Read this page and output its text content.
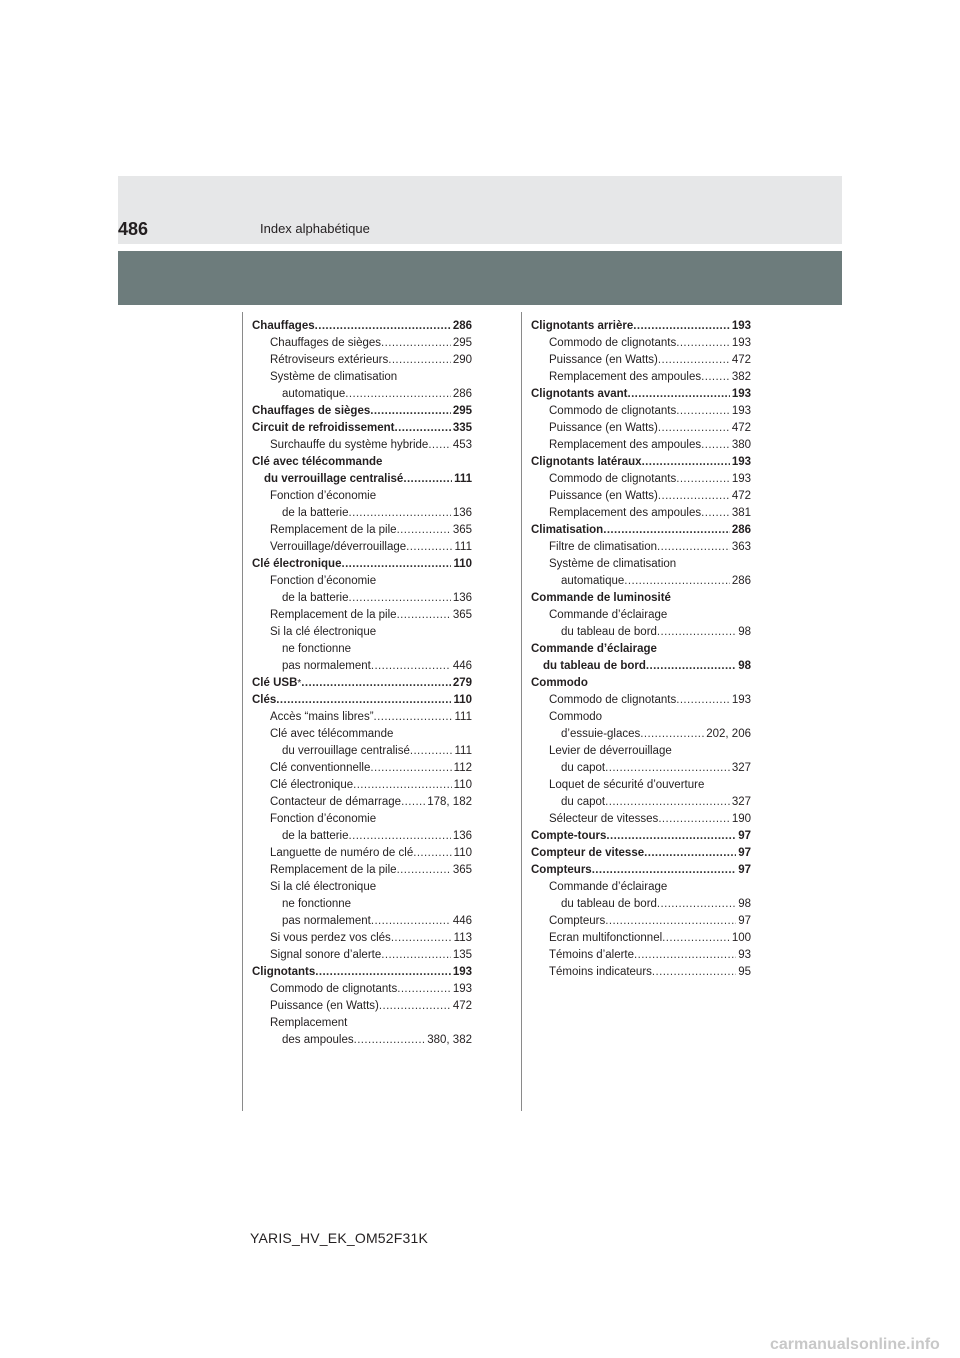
486	Index alphabétique
Chauffages .....	286
Chauffages de sièges .....	295
Rétroviseurs extérieurs .....	290
Système de climatisation
automatique .....	286
Chauffages de sièges .....	295
Circuit de refroidissement .....	335
Surchauffe du système hybride ..... 453
Clé avec télécommande
du verrouillage centralisé .....	111
Fonction d’économie
de la batterie .....	136
Remplacement de la pile .....	365
Verrouillage/déverrouillage .....	111
Clé électronique .....	110
Fonction d’économie
de la batterie .....	136
Remplacement de la pile .....	365
Si la clé électronique
ne fonctionne
pas normalement .....	446
Clé USB * .....	279
Clés .....	110
Accès “mains libres” .....	111
Clé avec télécommande
du verrouillage centralisé .....	111
Clé conventionnelle .....	112
Clé électronique .....	110
Contacteur de démarrage ..... 178, 182
Fonction d’économie
de la batterie .....	136
Languette de numéro de clé .....	110
Remplacement de la pile .....	365
Si la clé électronique
ne fonctionne
pas normalement .....	446
Si vous perdez vos clés .....	113
Signal sonore d’alerte .....	135
Clignotants .....	193
Commodo de clignotants .....	193
Puissance (en Watts) .....	472
Remplacement
des ampoules .....	380, 382
Clignotants arrière .....	193
Commodo de clignotants .....	193
Puissance (en Watts) .....	472
Remplacement des ampoules .....	382
Clignotants avant .....	193
Commodo de clignotants .....	193
Puissance (en Watts) .....	472
Remplacement des ampoules .....	380
Clignotants latéraux .....	193
Commodo de clignotants .....	193
Puissance (en Watts) .....	472
Remplacement des ampoules .....	381
Climatisation .....	286
Filtre de climatisation .....	363
Système de climatisation
automatique .....	286
Commande de luminosité
Commande d’éclairage
du tableau de bord .....	98
Commande d’éclairage
du tableau de bord .....	98
Commodo
Commodo de clignotants .....	193
Commodo
d’essuie-glaces .....	202, 206
Levier de déverrouillage
du capot .....	327
Loquet de sécurité d’ouverture
du capot .....	327
Sélecteur de vitesses .....	190
Compte-tours .....	97
Compteur de vitesse .....	97
Compteurs .....	97
Commande d’éclairage
du tableau de bord .....	98
Compteurs .....	97
Écran multifonctionnel .....	100
Témoins d’alerte .....	93
Témoins indicateurs .....	95
YARIS_HV_EK_OM52F31K
carmanualsonline.info
